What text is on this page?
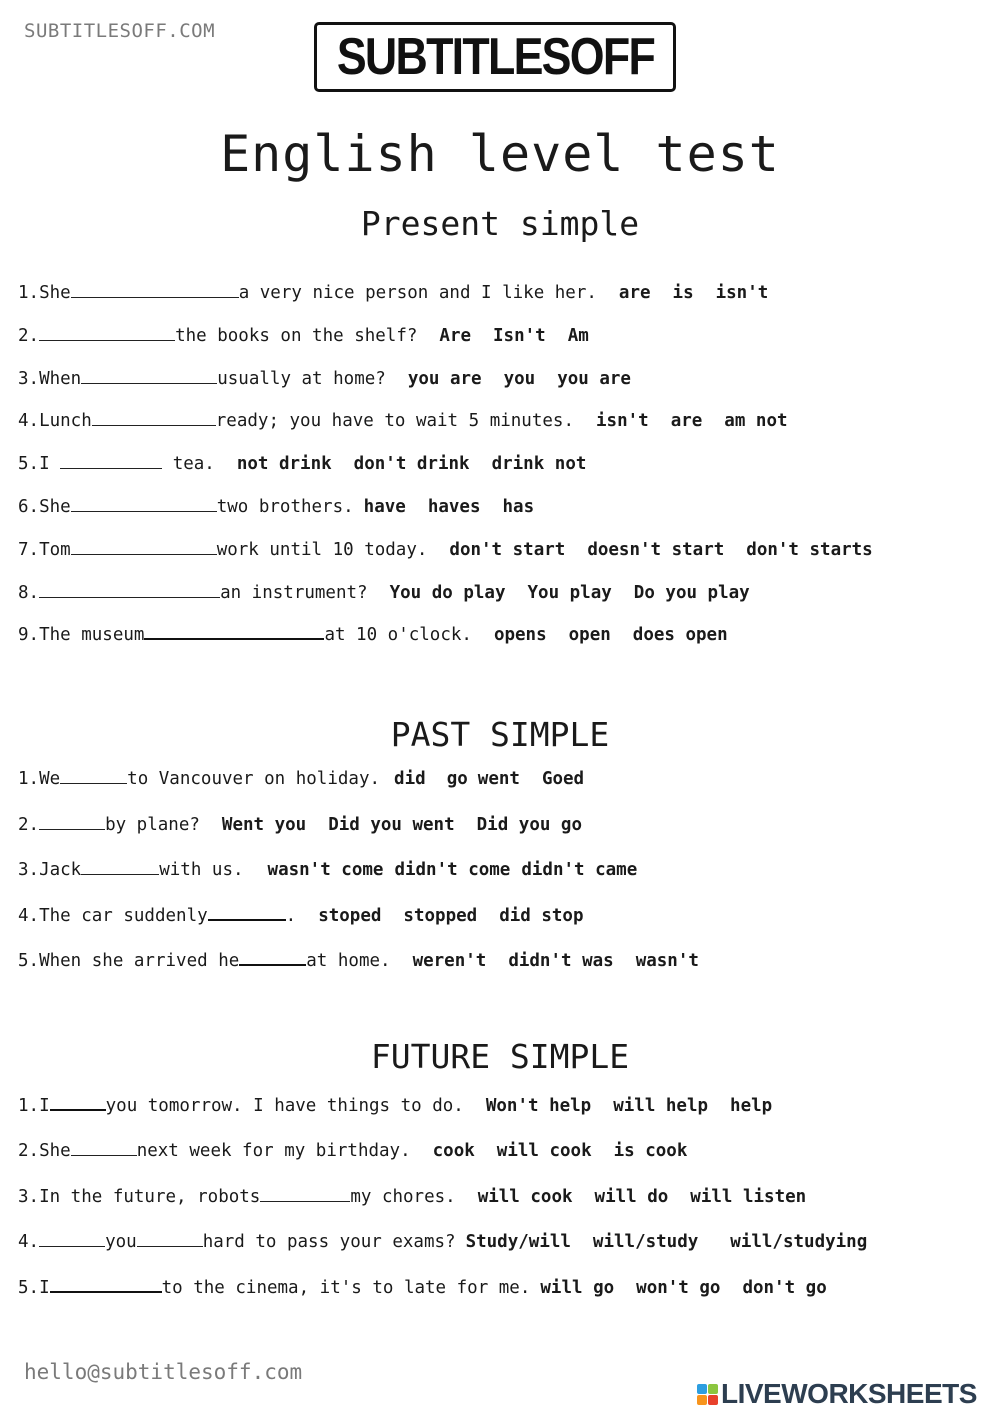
SUBTITLESOFF.COM SUBTITLESOFF
English level test
Present simple
1.She	a very nice person and I like her. are is isn't
2.	the books on the shelf? Are Isn't Am
3.When	usually at home? you are you you are
4.Lunch	ready; you have to wait 5 minutes. isn't are am not
5.I	tea. not drink don't drink drink not
6.She	two brothers. have haves has
7.Tom	work until 10 today. don't start doesn't start don't starts
8.	an instrument? You do play You play Do you play
9.The museum	at 10 o'clock. opens open does open
PAST SIMPLE
1.We	to Vancouver on holiday. did  go went Goed
2.	by plane? Went you Did you went Did you go
3.Jack	with us. wasn't come didn't come didn't came
4.The car suddenly	. stoped stopped did stop
5.When she arrived he	at home. weren't didn't was wasn't
FUTURE SIMPLE
1.I	you tomorrow. I have things to do. Won't help will help help
2.She	next week for my birthday. cook will cook is cook
3.In the future, robots	my chores. will cook will do will listen
4.	you	hard to pass your exams? Study/will will/study will/studying
5.I	to the cinema, it's to late for me. will go won't go don't go
hello@subtitlesoff.com
LIVEWORKSHEETS
